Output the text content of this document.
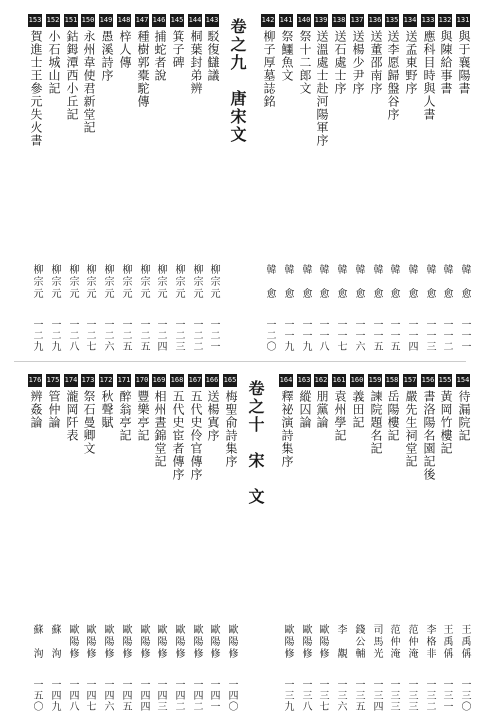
131
與于襄陽書
韓　愈
一一一
132
與陳給事書
韓　愈
一一二
133
應科目時與人書
韓　愈
一一三
134
送孟東野序
韓　愈
一一四
135
送李愿歸盤谷序
韓　愈
一一五
136
送董邵南序
韓　愈
一一五
137
送楊少尹序
韓　愈
一一六
138
送石處士序
韓　愈
一一七
139
送溫處士赴河陽軍序
韓　愈
一一八
140
祭十二郎文
韓　愈
一一九
141
祭鱷魚文
韓　愈
一一九
142
柳子厚墓誌銘
韓　愈
一二〇
卷之九　唐宋文
143
駁復讎議
柳宗元
一二一
144
桐葉封弟辨
柳宗元
一二二
145
箕子碑
柳宗元
一二三
146
捕蛇者說
柳宗元
一二四
147
種樹郭橐駝傳
柳宗元
一二五
148
梓人傳
柳宗元
一二五
149
愚溪詩序
柳宗元
一二六
150
永州韋使君新堂記
柳宗元
一二七
151
鈷鉧潭西小丘記
柳宗元
一二八
152
小石城山記
柳宗元
一二九
153
賀進士王參元失火書
柳宗元
一二九
154
待漏院記
王禹偁
一三〇
155
黃岡竹樓記
王禹偁
一三一
156
書洛陽名園記後
李格非
一三二
157
嚴先生祠堂記
范仲淹
一三三
158
岳陽樓記
范仲淹
一三三
159
諫院題名記
司馬光
一三四
160
義田記
錢公輔
一三五
161
袁州學記
李　覯
一三六
162
朋黨論
歐陽修
一三七
163
縱囚論
歐陽修
一三八
164
釋祕演詩集序
歐陽修
一三九
卷之十　宋　文
165
梅聖俞詩集序
歐陽修
一四〇
166
送楊寘序
歐陽修
一四一
167
五代史伶官傳序
歐陽修
一四二
168
五代史宦者傳序
歐陽修
一四二
169
相州晝錦堂記
歐陽修
一四三
170
豐樂亭記
歐陽修
一四四
171
醉翁亭記
歐陽修
一四五
172
秋聲賦
歐陽修
一四六
173
祭石曼卿文
歐陽修
一四七
174
瀧岡阡表
歐陽修
一四八
175
管仲論
蘇　洵
一四九
176
辨姦論
蘇　洵
一五〇
